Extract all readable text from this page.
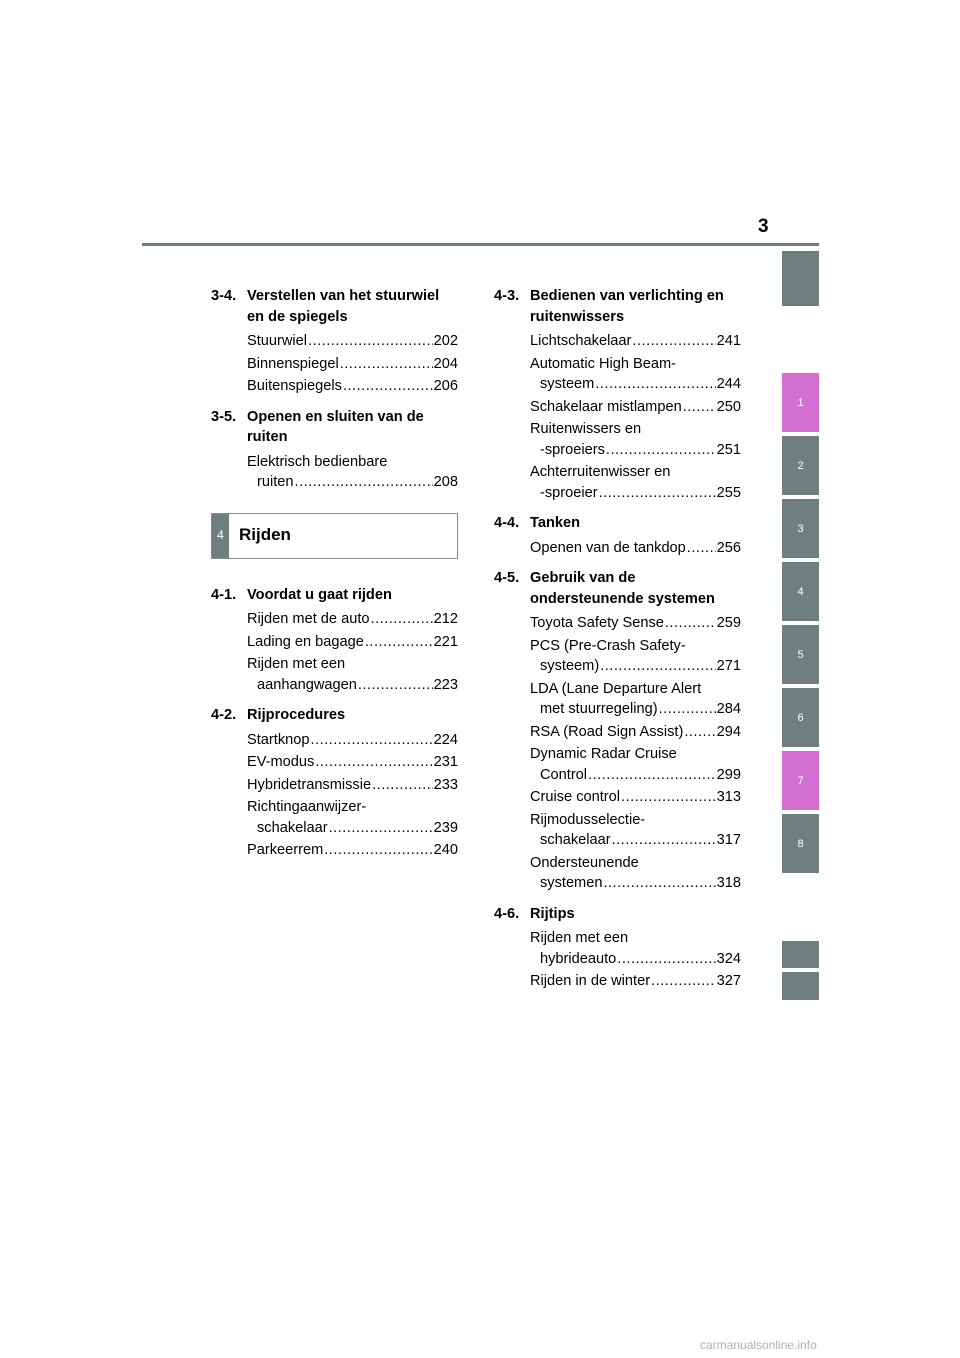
3
1
2
3
4
5
6
7
8
3-4. Verstellen van het stuurwiel en de spiegels
Stuurwiel .....	202
Binnenspiegel .....	204
Buitenspiegels .....	206
3-5. Openen en sluiten van de ruiten
Elektrisch bedienbare
ruiten .....	208
4 Rijden
4-1. Voordat u gaat rijden
Rijden met de auto .....	212
Lading en bagage .....	221
Rijden met een
aanhangwagen .....	223
4-2. Rijprocedures
Startknop .....	224
EV-modus .....	231
Hybridetransmissie .....	233
Richtingaanwijzer-
schakelaar .....	239
Parkeerrem .....	240
4-3. Bedienen van verlichting en ruitenwissers
Lichtschakelaar .....	241
Automatic High Beam-
systeem .....	244
Schakelaar mistlampen ..... 250
Ruitenwissers en
-sproeiers .....	251
Achterruitenwisser en
-sproeier .....	255
4-4. Tanken
Openen van de tankdop ..... 256
4-5. Gebruik van de ondersteunende systemen
Toyota Safety Sense .....	259
PCS (Pre-Crash Safety-
systeem) .....	271
LDA (Lane Departure Alert
met stuurregeling) .....	284
RSA (Road Sign Assist) ..... 294
Dynamic Radar Cruise
Control .....	299
Cruise control .....	313
Rijmodusselectie-
schakelaar .....	317
Ondersteunende
systemen .....	318
4-6. Rijtips
Rijden met een
hybrideauto .....	324
Rijden in de winter .....	327
carmanualsonline.info
